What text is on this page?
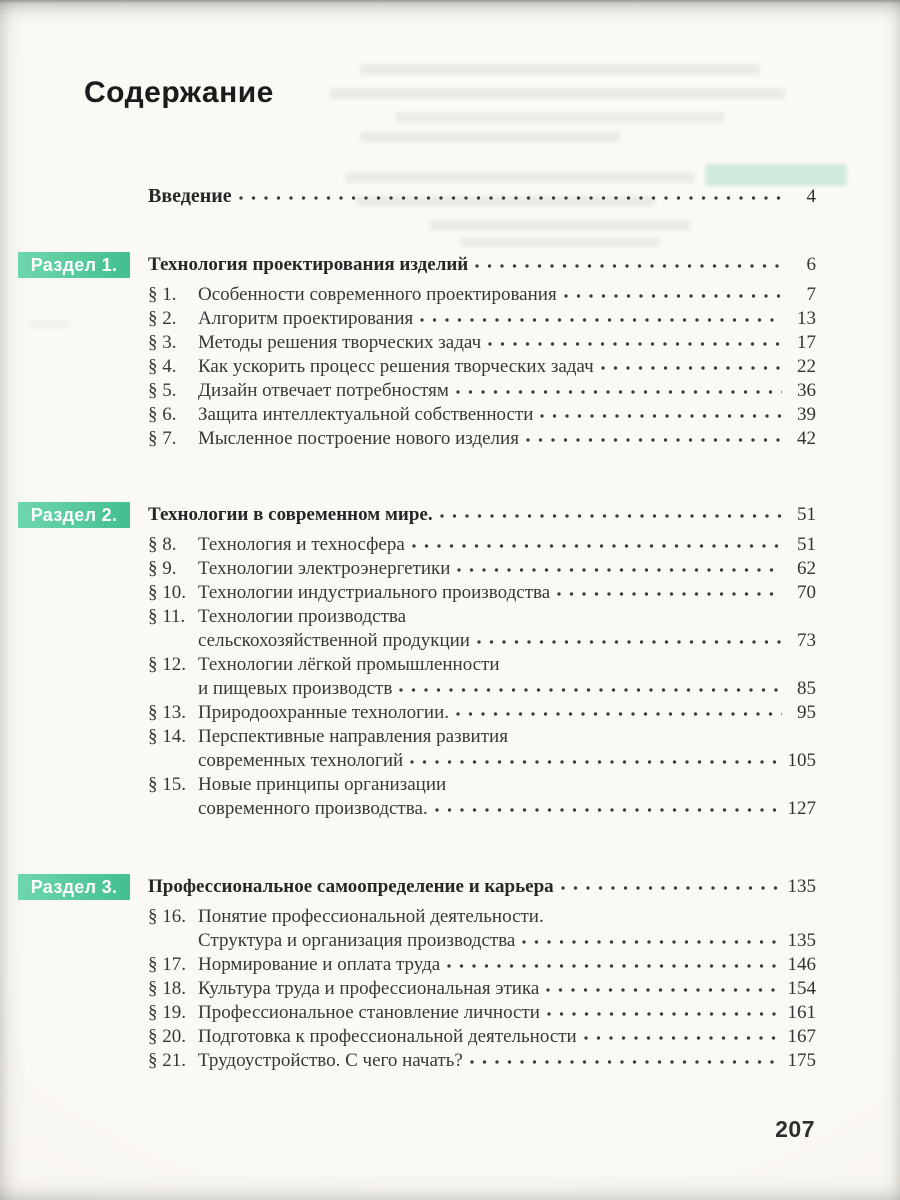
Содержание
Введение	4
Раздел 1.	Технология проектирования изделий	6
§ 1.	Особенности современного проектирования	7
§ 2.	Алгоритм проектирования	13
§ 3.	Методы решения творческих задач	17
§ 4.	Как ускорить процесс решения творческих задач	22
§ 5.	Дизайн отвечает потребностям	36
§ 6.	Защита интеллектуальной собственности	39
§ 7.	Мысленное построение нового изделия	42
Раздел 2.	Технологии в современном мире.	51
§ 8.	Технология и техносфера	51
§ 9.	Технологии электроэнергетики	62
§ 10. Технологии индустриального производства	70
§ 11. Технологии производства
сельскохозяйственной продукции	73
§ 12. Технологии лёгкой промышленности
и пищевых производств	85
§ 13. Природоохранные технологии.	95
§ 14. Перспективные направления развития
современных технологий	105
§ 15. Новые принципы организации
современного производства.	127
Раздел 3.	Профессиональное самоопределение и карьера	135
§ 16. Понятие профессиональной деятельности.
Структура и организация производства	135
§ 17. Нормирование и оплата труда	146
§ 18. Культура труда и профессиональная этика	154
§ 19. Профессиональное становление личности	161
§ 20. Подготовка к профессиональной деятельности	167
§ 21. Трудоустройство. С чего начать?	175
207
